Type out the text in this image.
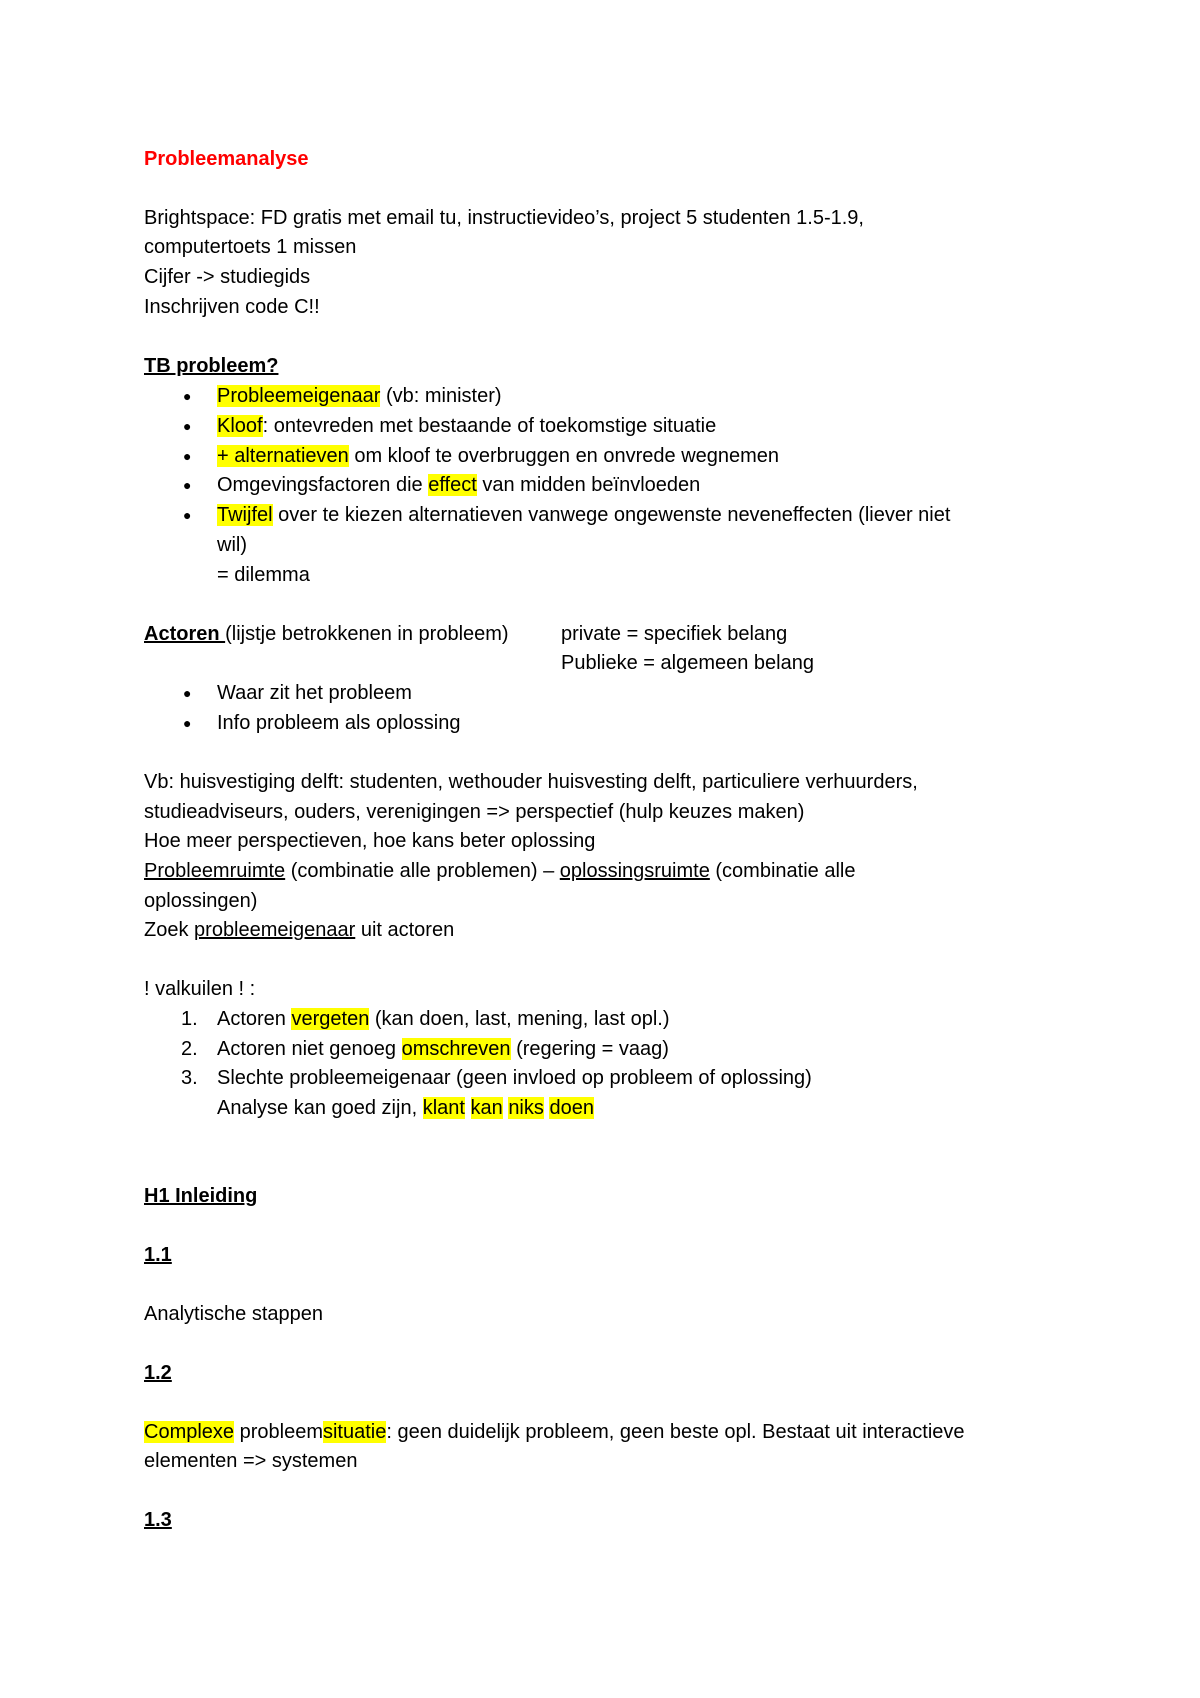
Probleemanalyse
Brightspace: FD gratis met email tu, instructievideo’s, project 5 studenten 1.5-1.9,
computertoets 1 missen
Cijfer -> studiegids
Inschrijven code C!!
TB probleem?
● Probleemeigenaar (vb: minister)
● Kloof: ontevreden met bestaande of toekomstige situatie
● + alternatieven om kloof te overbruggen en onvrede wegnemen
● Omgevingsfactoren die effect van midden beïnvloeden
● Twijfel over te kiezen alternatieven vanwege ongewenste neveneffecten (liever niet
wil)
= dilemma
Actoren (lijstje betrokkenen in probleem)	private = specifiek belang
Publieke = algemeen belang
● Waar zit het probleem
● Info probleem als oplossing
Vb: huisvestiging delft: studenten, wethouder huisvesting delft, particuliere verhuurders,
studieadviseurs, ouders, verenigingen => perspectief (hulp keuzes maken)
Hoe meer perspectieven, hoe kans beter oplossing
Probleemruimte (combinatie alle problemen) – oplossingsruimte (combinatie alle
oplossingen)
Zoek probleemeigenaar uit actoren
! valkuilen ! :
1. Actoren vergeten (kan doen, last, mening, last opl.)
2. Actoren niet genoeg omschreven (regering = vaag)
3. Slechte probleemeigenaar (geen invloed op probleem of oplossing)
Analyse kan goed zijn, klant kan niks doen
H1 Inleiding
1.1
Analytische stappen
1.2
Complexe probleemsituatie: geen duidelijk probleem, geen beste opl. Bestaat uit interactieve
elementen => systemen
1.3
